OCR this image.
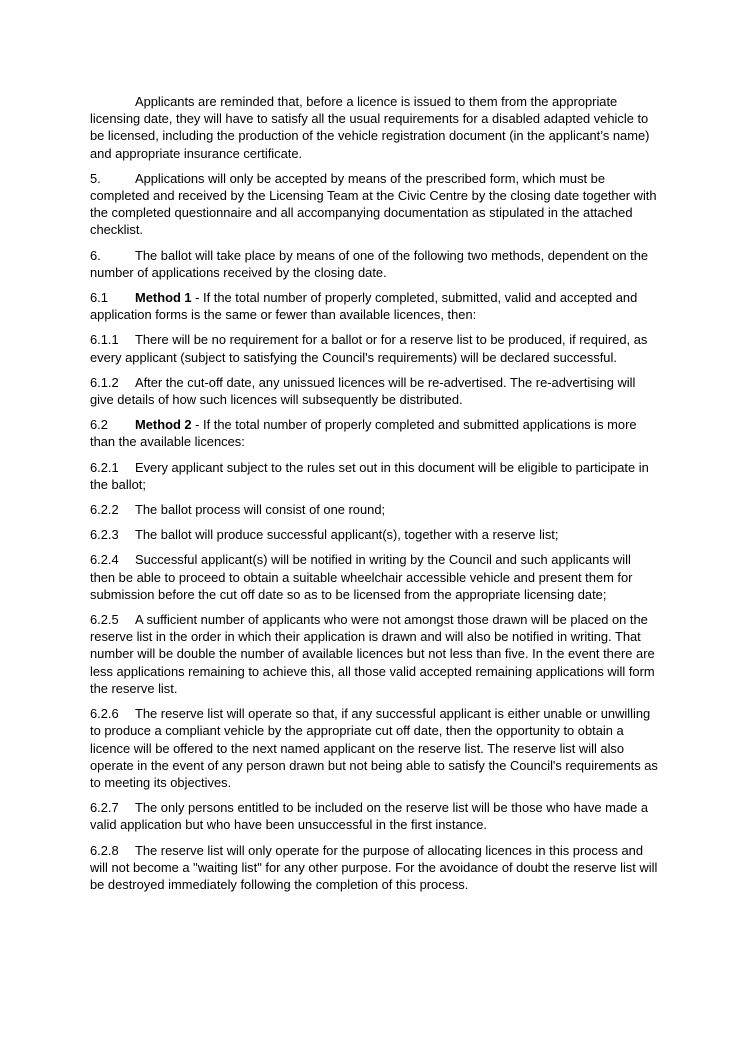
Applicants are reminded that, before a licence is issued to them from the appropriate licensing date, they will have to satisfy all the usual requirements for a disabled adapted vehicle to be licensed, including the production of the vehicle registration document (in the applicant’s name) and appropriate insurance certificate.

5.	Applications will only be accepted by means of the prescribed form, which must be completed and received by the Licensing Team at the Civic Centre by the closing date together with the completed questionnaire and all accompanying documentation as stipulated in the attached checklist.

6.	The ballot will take place by means of one of the following two methods, dependent on the number of applications received by the closing date.

6.1 Method 1 - If the total number of properly completed, submitted, valid and accepted and application forms is the same or fewer than available licences, then:

6.1.1 There will be no requirement for a ballot or for a reserve list to be produced, if required, as every applicant (subject to satisfying the Council's requirements) will be declared successful.

6.1.2 After the cut-off date, any unissued licences will be re-advertised. The re-advertising will give details of how such licences will subsequently be distributed.

6.2 Method 2 - If the total number of properly completed and submitted applications is more than the available licences:

6.2.1 Every applicant subject to the rules set out in this document will be eligible to participate in the ballot;

6.2.2 The ballot process will consist of one round;

6.2.3 The ballot will produce successful applicant(s), together with a reserve list;

6.2.4 Successful applicant(s) will be notified in writing by the Council and such applicants will then be able to proceed to obtain a suitable wheelchair accessible vehicle and present them for submission before the cut off date so as to be licensed from the appropriate licensing date;

6.2.5 A sufficient number of applicants who were not amongst those drawn will be placed on the reserve list in the order in which their application is drawn and will also be notified in writing. That number will be double the number of available licences but not less than five. In the event there are less applications remaining to achieve this, all those valid accepted remaining applications will form the reserve list.

6.2.6 The reserve list will operate so that, if any successful applicant is either unable or unwilling to produce a compliant vehicle by the appropriate cut off date, then the opportunity to obtain a licence will be offered to the next named applicant on the reserve list. The reserve list will also operate in the event of any person drawn but not being able to satisfy the Council's requirements as to meeting its objectives.

6.2.7 The only persons entitled to be included on the reserve list will be those who have made a valid application but who have been unsuccessful in the first instance.

6.2.8 The reserve list will only operate for the purpose of allocating licences in this process and will not become a "waiting list" for any other purpose. For the avoidance of doubt the reserve list will be destroyed immediately following the completion of this process.
